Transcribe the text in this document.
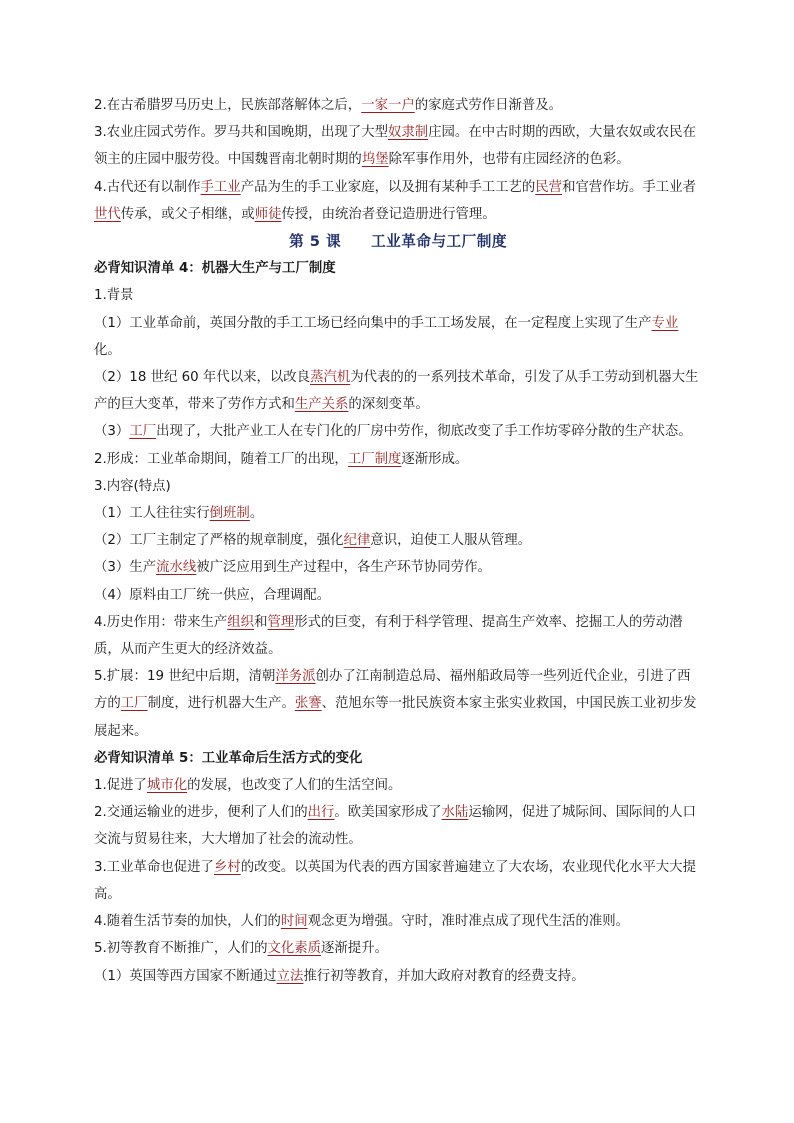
2.在古希腊罗马历史上，民族部落解体之后，一家一户的家庭式劳作日渐普及。

3.农业庄园式劳作。罗马共和国晚期，出现了大型奴隶制庄园。在中古时期的西欧，大量农奴或农民在领主的庄园中服劳役。中国魏晋南北朝时期的坞堡除军事作用外，也带有庄园经济的色彩。

4.古代还有以制作手工业产品为生的手工业家庭，以及拥有某种手工工艺的民营和官营作坊。手工业者世代传承，或父子相继，或师徒传授，由统治者登记造册进行管理。

第 5 课 工业革命与工厂制度

必背知识清单 4：机器大生产与工厂制度

1.背景

（1）工业革命前，英国分散的手工工场已经向集中的手工工场发展，在一定程度上实现了生产专业化。

（2）18 世纪 60 年代以来，以改良蒸汽机为代表的的一系列技术革命，引发了从手工劳动到机器大生产的巨大变革，带来了劳作方式和生产关系的深刻变革。

（3）工厂出现了，大批产业工人在专门化的厂房中劳作，彻底改变了手工作坊零碎分散的生产状态。

2.形成：工业革命期间，随着工厂的出现，工厂制度逐渐形成。

3.内容(特点)

（1）工人往往实行倒班制。

（2）工厂主制定了严格的规章制度，强化纪律意识，迫使工人服从管理。

（3）生产流水线被广泛应用到生产过程中，各生产环节协同劳作。

（4）原料由工厂统一供应，合理调配。

4.历史作用：带来生产组织和管理形式的巨变，有利于科学管理、提高生产效率、挖掘工人的劳动潜质，从而产生更大的经济效益。

5.扩展：19 世纪中后期，清朝洋务派创办了江南制造总局、福州船政局等一些列近代企业，引进了西方的工厂制度，进行机器大生产。张謇、范旭东等一批民族资本家主张实业救国，中国民族工业初步发展起来。

必背知识清单 5：工业革命后生活方式的变化

1.促进了城市化的发展，也改变了人们的生活空间。

2.交通运输业的进步，便利了人们的出行。欧美国家形成了水陆运输网，促进了城际间、国际间的人口交流与贸易往来，大大增加了社会的流动性。

3.工业革命也促进了乡村的改变。以英国为代表的西方国家普遍建立了大农场，农业现代化水平大大提高。

4.随着生活节奏的加快，人们的时间观念更为增强。守时，准时准点成了现代生活的准则。

5.初等教育不断推广，人们的文化素质逐渐提升。

（1）英国等西方国家不断通过立法推行初等教育，并加大政府对教育的经费支持。
